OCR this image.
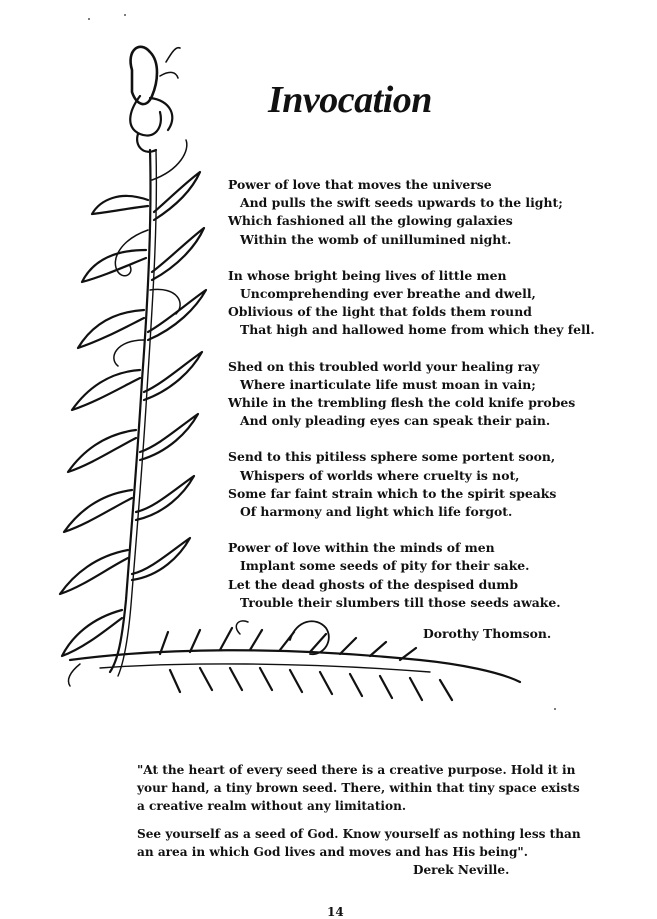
Invocation
Power of love that moves the universe
And pulls the swift seeds upwards to the light;
Which fashioned all the glowing galaxies
Within the womb of unillumined night.
In whose bright being lives of little men
Uncomprehending ever breathe and dwell,
Oblivious of the light that folds them round
That high and hallowed home from which they fell.
Shed on this troubled world your healing ray
Where inarticulate life must moan in vain;
While in the trembling flesh the cold knife probes
And only pleading eyes can speak their pain.
Send to this pitiless sphere some portent soon,
Whispers of worlds where cruelty is not,
Some far faint strain which to the spirit speaks
Of harmony and light which life forgot.
Power of love within the minds of men
Implant some seeds of pity for their sake.
Let the dead ghosts of the despised dumb
Trouble their slumbers till those seeds awake.
Dorothy Thomson.

"At the heart of every seed there is a creative purpose. Hold it in
your hand, a tiny brown seed. There, within that tiny space exists
a creative realm without any limitation.

See yourself as a seed of God. Know yourself as nothing less than
an area in which God lives and moves and has His being".
Derek Neville.

14
